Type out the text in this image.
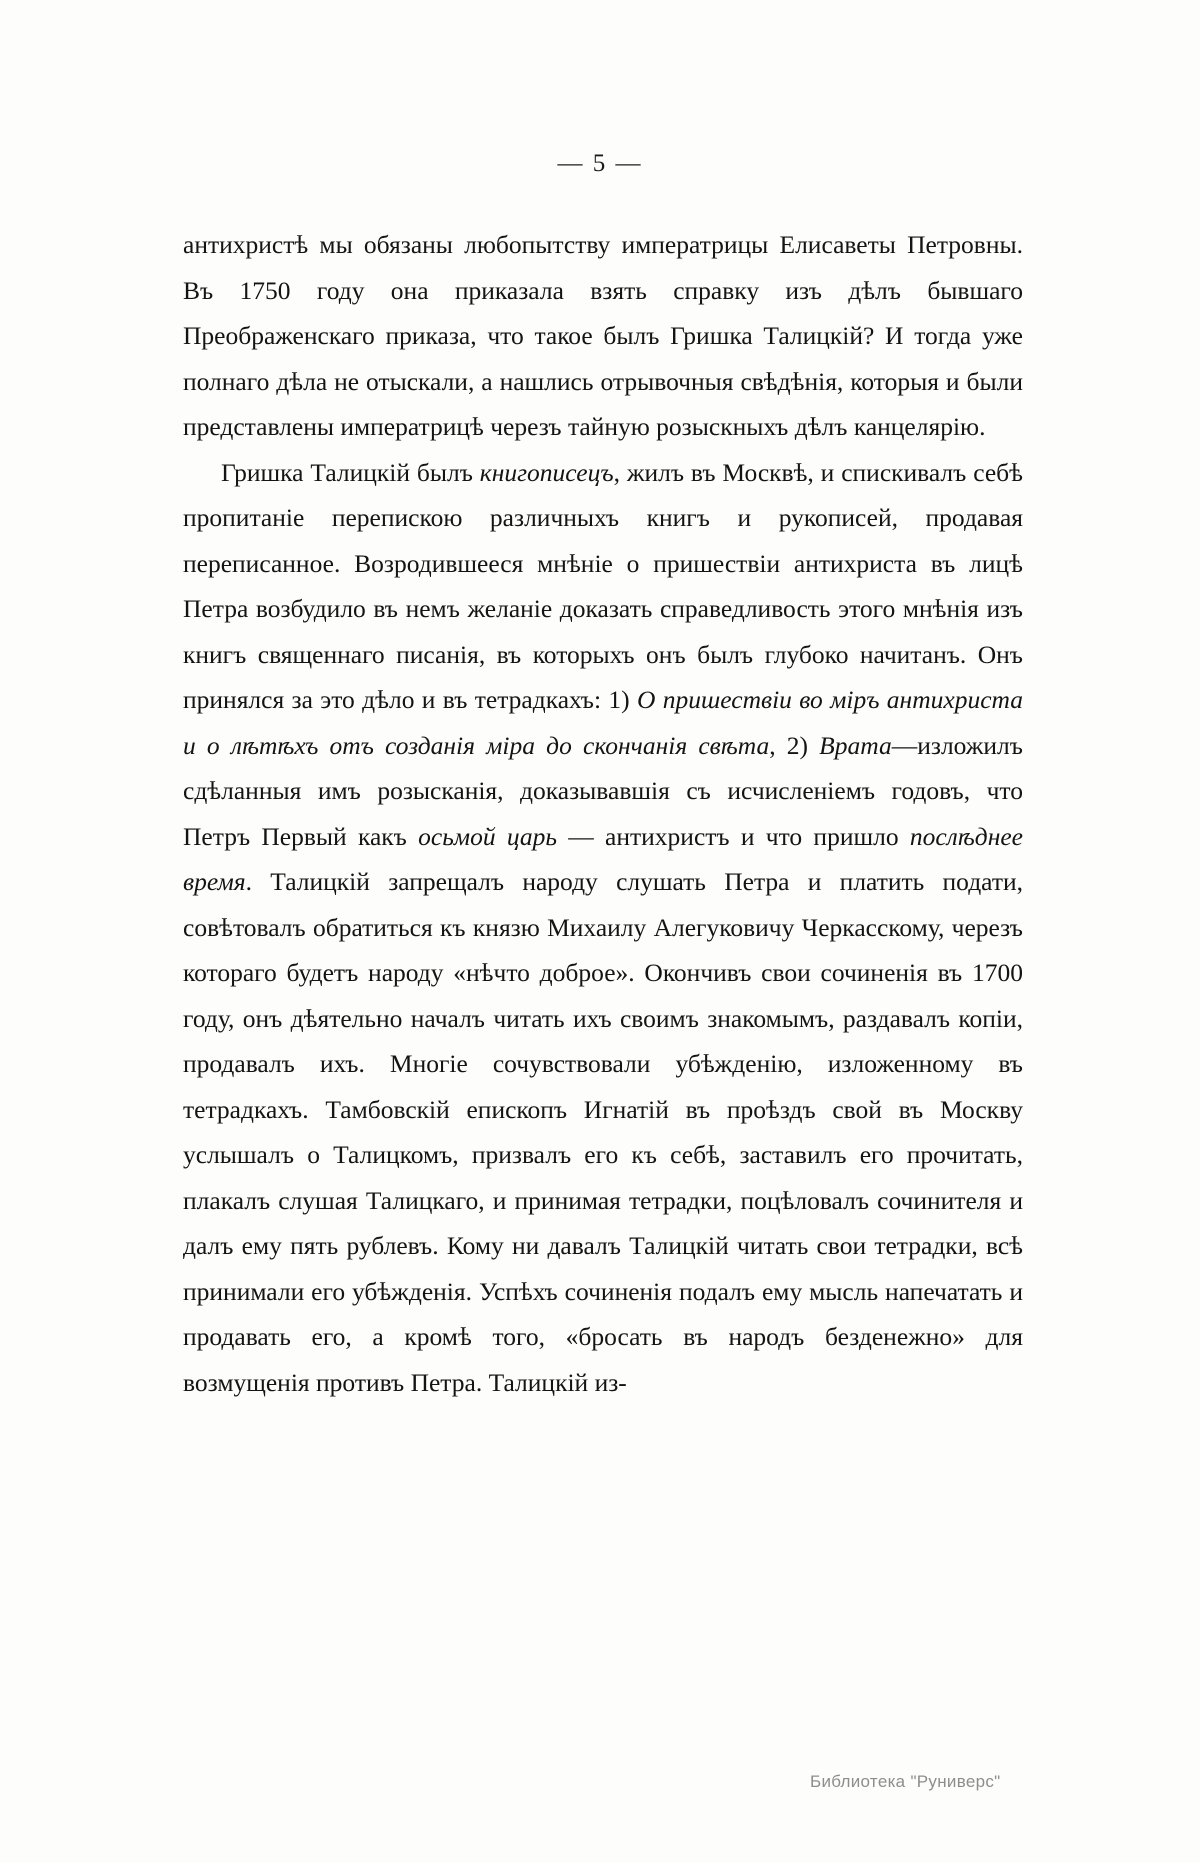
— 5 —

антихристѣ мы обязаны любопытству императрицы Елисаветы Петровны. Въ 1750 году она приказала взять справку изъ дѣлъ бывшаго Преображенскаго приказа, что такое былъ Гришка Талицкій? И тогда уже полнаго дѣла не отыскали, а нашлись отрывочныя свѣдѣнія, которыя и были представлены императрицѣ черезъ тайную розыскныхъ дѣлъ канцелярію.

Гришка Талицкій былъ книгописецъ, жилъ въ Москвѣ, и спискивалъ себѣ пропитаніе перепискою различныхъ книгъ и рукописей, продавая переписанное. Возродившееся мнѣніе о пришествіи антихриста въ лицѣ Петра возбудило въ немъ желаніе доказать справедливость этого мнѣнія изъ книгъ священнаго писанія, въ которыхъ онъ былъ глубоко начитанъ. Онъ принялся за это дѣло и въ тетрадкахъ: 1) О пришествіи во міръ антихриста и о лѣтѣхъ отъ созданія міра до скончанія свѣта, 2) Врата—изложилъ сдѣланныя имъ розысканія, доказывавшія съ исчисленіемъ годовъ, что Петръ Первый какъ осьмой царь — антихристъ и что пришло послѣднее время. Талицкій запрещалъ народу слушать Петра и платить подати, совѣтовалъ обратиться къ князю Михаилу Алегуковичу Черкасскому, черезъ котораго будетъ народу «нѣчто доброе». Окончивъ свои сочиненія въ 1700 году, онъ дѣятельно началъ читать ихъ своимъ знакомымъ, раздавалъ копіи, продавалъ ихъ. Многіе сочувствовали убѣжденію, изложенному въ тетрадкахъ. Тамбовскій епископъ Игнатій въ проѣздъ свой въ Москву услышалъ о Талицкомъ, призвалъ его къ себѣ, заставилъ его прочитать, плакалъ слушая Талицкаго, и принимая тетрадки, поцѣловалъ сочинителя и далъ ему пять рублевъ. Кому ни давалъ Талицкій читать свои тетрадки, всѣ принимали его убѣжденія. Успѣхъ сочиненія подалъ ему мысль напечатать и продавать его, а кромѣ того, «бросать въ народъ безденежно» для возмущенія противъ Петра. Талицкій из-

Библиотека "Руниверс"
